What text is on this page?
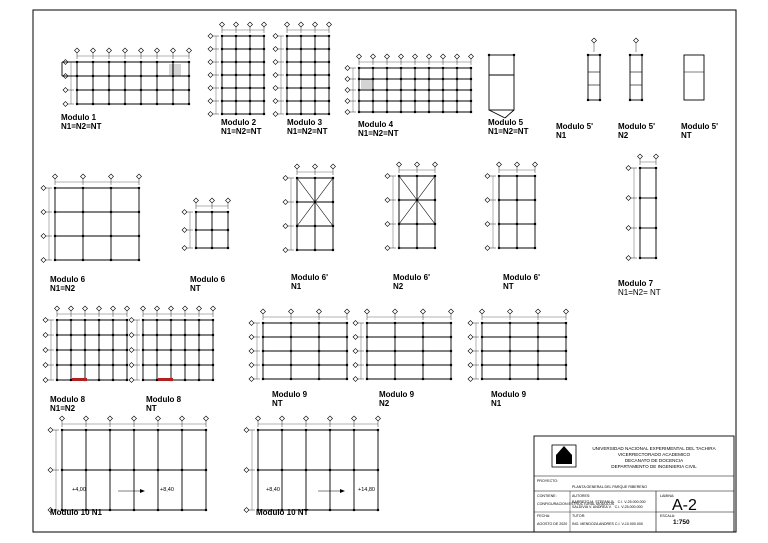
Modulo 1
N1=N2=NT	Modulo 2
N1=N2=NT
Modulo 3
N1=N2=NT
Modulo 4
N1=N2=NT
Modulo 5
N1=N2=NT
Modulo 5'
N1
Modulo 5'
N2
Modulo 5'
NT
Modulo 6
N1=N2
Modulo 6
NT
Modulo 6'
N1
Modulo 6'
N2
Modulo 6'
NT	Modulo 7
N1=N2= NT
Modulo 8
N1=N2
Modulo 8
NT
Modulo 9
NT
Modulo 9
N2
Modulo 9
N1
Modulo 10 N1	Modulo 10 NT
+4,00	+8,40	+8,40	+14,80
UNIVERSIDAD NACIONAL EXPERIMENTAL DEL TACHIRA
VICERRECTORADO ACADEMICO
DECANATO DE DOCENCIA
DEPARTAMENTO DE INGENIERIA CIVIL
PROYECTO:
PLANTA GENERAL DEL PARQUE RIBERENO
CONTIENE:
CONFIGURACION ESTRUCTURAL MODULOS
AUTORES:
BARRETO M. STEFANI B.   C.I. V-25.000.000
SALDIVIA V. ANDREA V.   C.I. V-25.000.000
TUTOR:
ING. MENDOZA ANDRES C.I. V-10.000.000
FECHA:
AGOSTO DE 2020
LAMINA:
A-2
ESCALA:
1:750
